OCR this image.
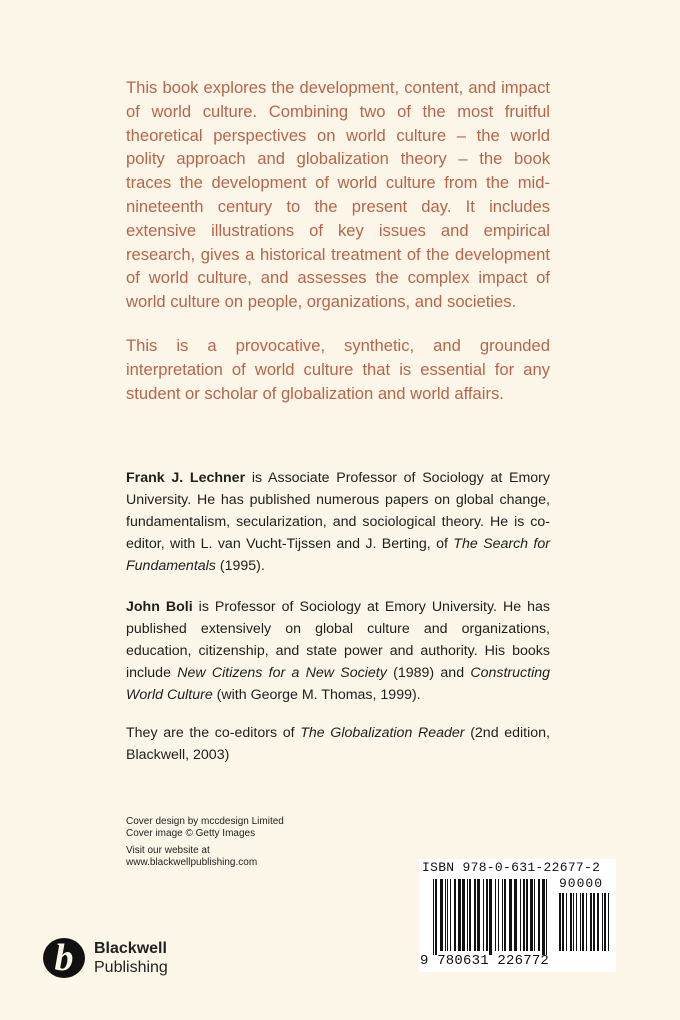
This book explores the development, content, and impact of world culture. Combining two of the most fruitful theoretical perspectives on world culture – the world polity approach and globalization theory – the book traces the development of world culture from the mid-nineteenth century to the present day. It includes extensive illustrations of key issues and empirical research, gives a historical treatment of the development of world culture, and assesses the complex impact of world culture on people, organizations, and societies.

This is a provocative, synthetic, and grounded interpretation of world culture that is essential for any student or scholar of globalization and world affairs.

Frank J. Lechner is Associate Professor of Sociology at Emory University. He has published numerous papers on global change, fundamentalism, secularization, and sociological theory. He is co-editor, with L. van Vucht-Tijssen and J. Berting, of The Search for Fundamentals (1995).

John Boli is Professor of Sociology at Emory University. He has published extensively on global culture and organizations, education, citizenship, and state power and authority. His books include New Citizens for a New Society (1989) and Constructing World Culture (with George M. Thomas, 1999).

They are the co-editors of The Globalization Reader (2nd edition, Blackwell, 2003)

Cover design by mccdesign Limited
Cover image © Getty Images
Visit our website at
www.blackwellpublishing.com
b Blackwell
Publishing
ISBN 978-0-631-22677-2
90000
9 780631 226772
